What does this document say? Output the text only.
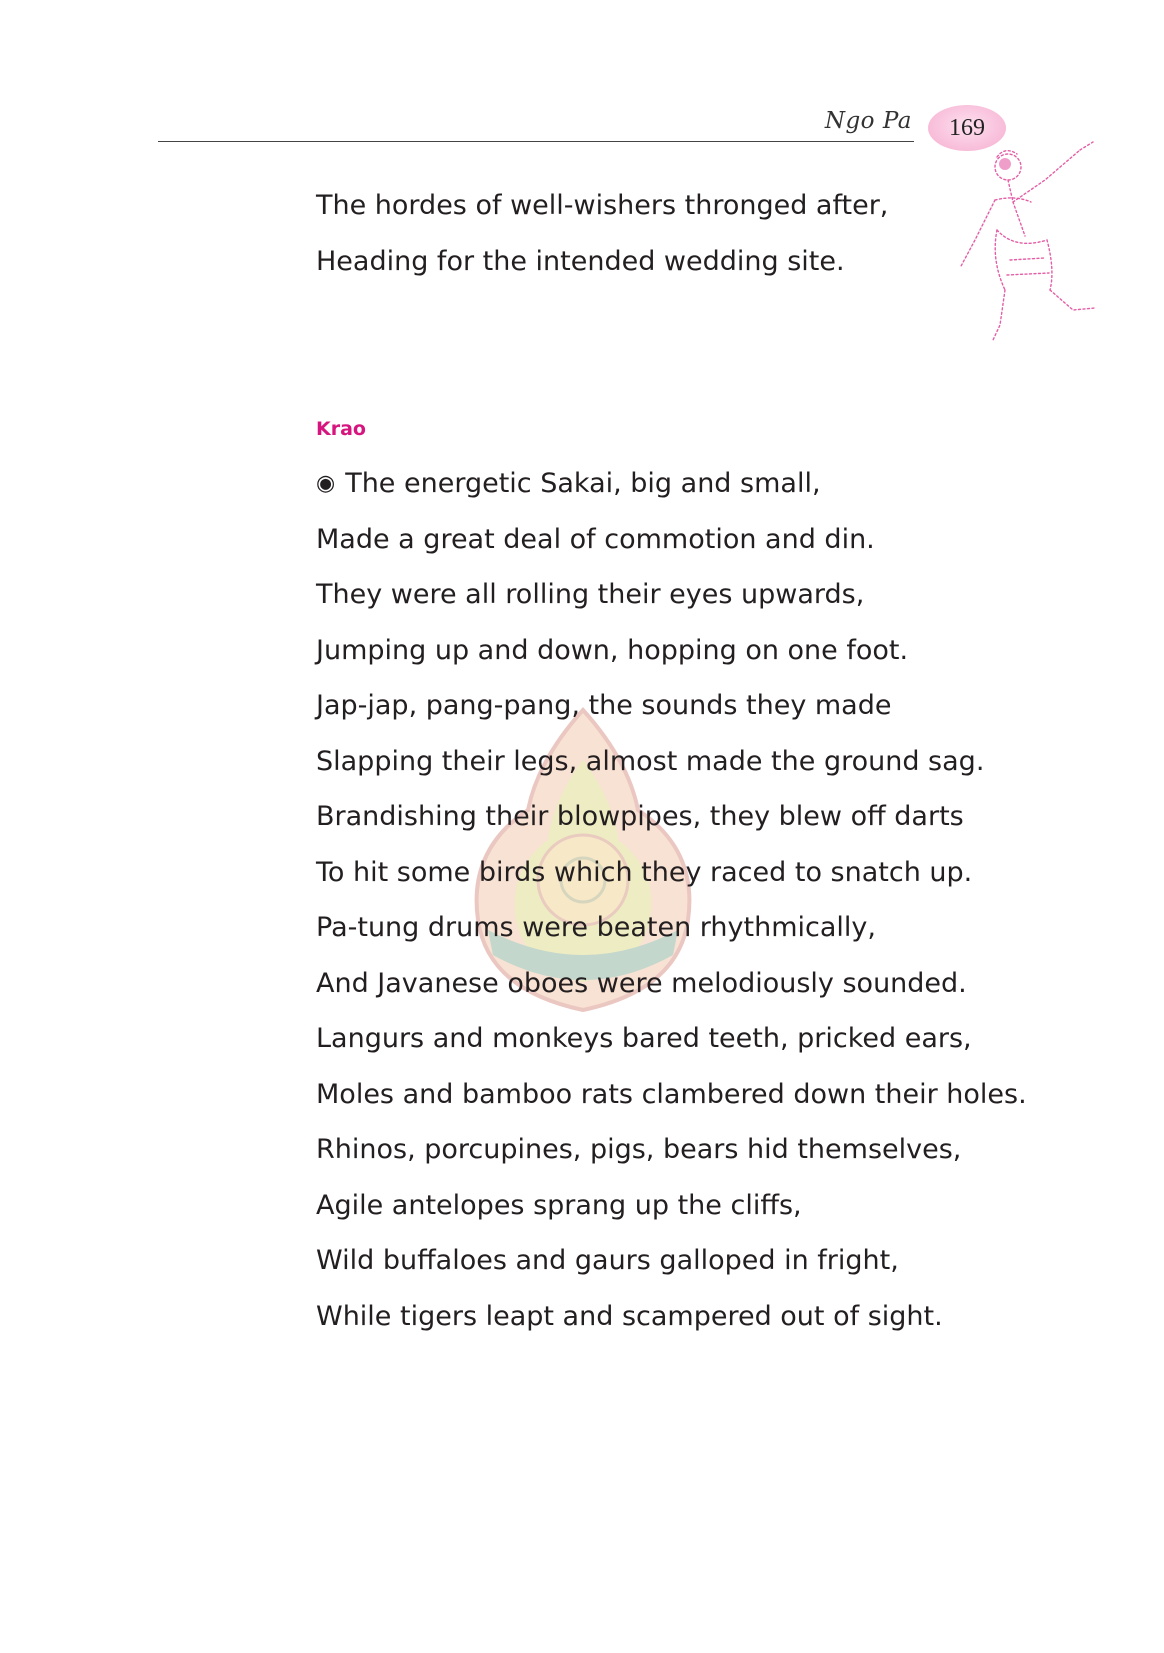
Ngo Pa 169
The hordes of well-wishers thronged after,
Heading for the intended wedding site.
Krao
◉ The energetic Sakai, big and small,
Made a great deal of commotion and din.
They were all rolling their eyes upwards,
Jumping up and down, hopping on one foot.
Jap-jap, pang-pang, the sounds they made
Slapping their legs, almost made the ground sag.
Brandishing their blowpipes, they blew off darts
To hit some birds which they raced to snatch up.
Pa-tung drums were beaten rhythmically,
And Javanese oboes were melodiously sounded.
Langurs and monkeys bared teeth, pricked ears,
Moles and bamboo rats clambered down their holes.
Rhinos, porcupines, pigs, bears hid themselves,
Agile antelopes sprang up the cliffs,
Wild buffaloes and gaurs galloped in fright,
While tigers leapt and scampered out of sight.
